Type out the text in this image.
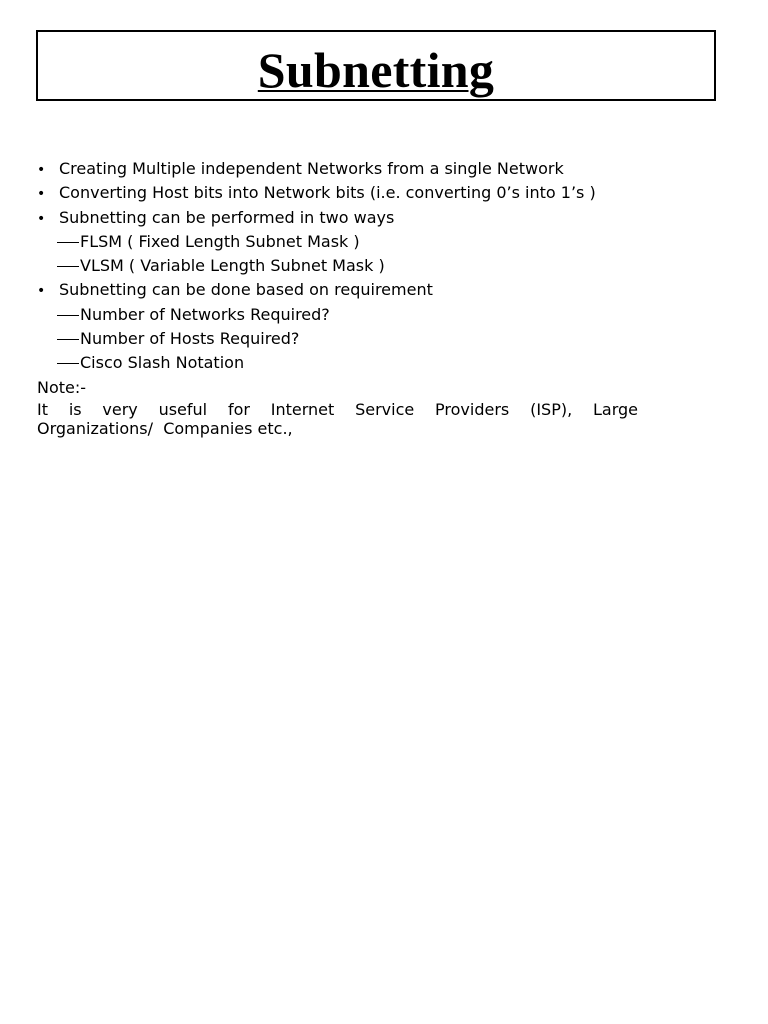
Subnetting
• Creating Multiple independent Networks from a single Network
• Converting Host bits into Network bits (i.e. converting 0’s into 1’s )
• Subnetting can be performed in two ways
FLSM ( Fixed Length Subnet Mask )
VLSM ( Variable Length Subnet Mask )
• Subnetting can be done based on requirement
Number of Networks Required?
Number of Hosts Required?
Cisco Slash Notation
Note:-
It is very useful for Internet Service Providers (ISP), Large
Organizations/  Companies etc.,
